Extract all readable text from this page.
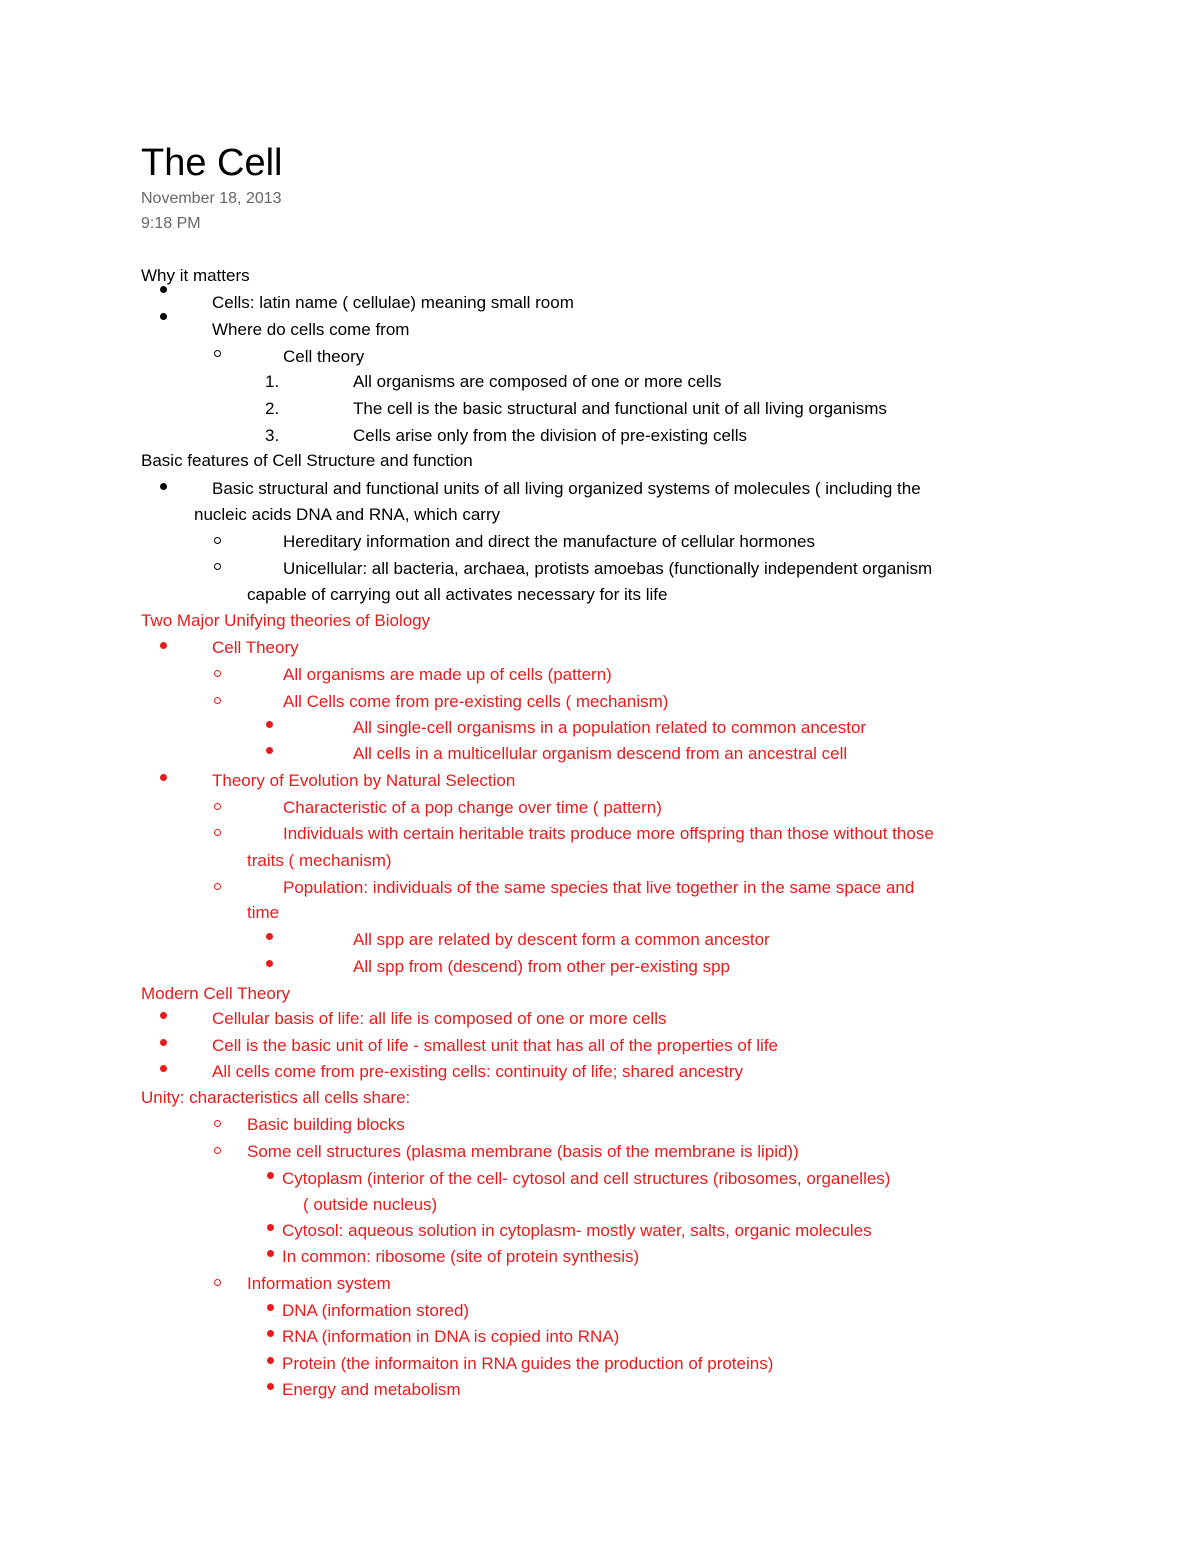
The Cell
November 18, 2013
9:18 PM
Why it matters
Cells: latin name ( cellulae) meaning small room
Where do cells come from
Cell theory
1.	All organisms are composed of one or more cells
2.	The cell is the basic structural and functional unit of all living organisms
3.	Cells arise only from the division of pre-existing cells
Basic features of Cell Structure and function
Basic structural and functional units of all living organized systems of molecules ( including the
nucleic acids DNA and RNA, which carry
Hereditary information and direct the manufacture of cellular hormones
Unicellular: all bacteria, archaea, protists amoebas (functionally independent organism
capable of carrying out all activates necessary for its life
Two Major Unifying theories of Biology
Cell Theory
All organisms are made up of cells (pattern)
All Cells come from pre-existing cells ( mechanism)
All single-cell organisms in a population related to common ancestor
All cells in a multicellular organism descend from an ancestral cell
Theory of Evolution by Natural Selection
Characteristic of a pop change over time ( pattern)
Individuals with certain heritable traits produce more offspring than those without those
traits ( mechanism)
Population: individuals of the same species that live together in the same space and
time
All spp are related by descent form a common ancestor
All spp from (descend) from other per-existing spp
Modern Cell Theory
Cellular basis of life: all life is composed of one or more cells
Cell is the basic unit of life - smallest unit that has all of the properties of life
All cells come from pre-existing cells: continuity of life; shared ancestry
Unity: characteristics all cells share:
Basic building blocks
Some cell structures (plasma membrane (basis of the membrane is lipid))
Cytoplasm (interior of the cell- cytosol and cell structures (ribosomes, organelles)
( outside nucleus)
Cytosol: aqueous solution in cytoplasm- mostly water, salts, organic molecules
In common: ribosome (site of protein synthesis)
Information system
DNA (information stored)
RNA (information in DNA is copied into RNA)
Protein (the informaiton in RNA guides the production of proteins)
Energy and metabolism
